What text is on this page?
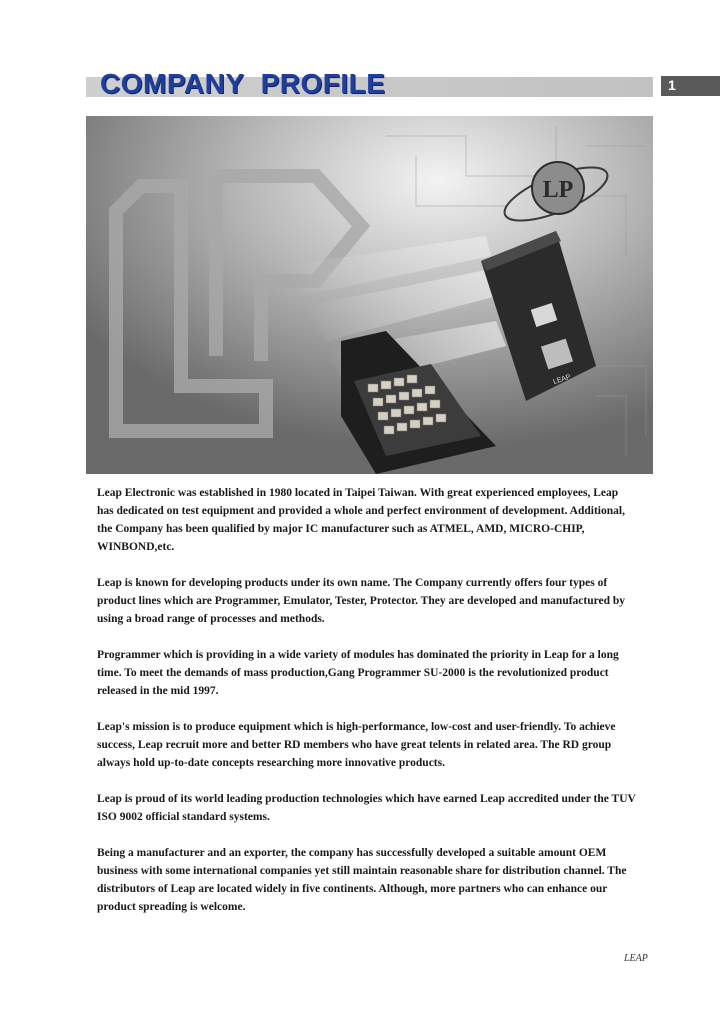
COMPANY  PROFILE	1
LP
LEAP

Leap Electronic was established in 1980 located in Taipei Taiwan. With great experienced employees, Leap has dedicated on test equipment and provided a whole and perfect environment of development. Additional, the Company has been qualified by major IC manufacturer such as ATMEL, AMD, MICRO-CHIP, WINBOND,etc.

Leap is known for developing products under its own name. The Company currently offers four types of product lines which are Programmer, Emulator, Tester, Protector. They are developed and manufactured by using a broad range of processes and methods.

Programmer which is providing in a wide variety of modules has dominated the priority in Leap for a long time. To meet the demands of mass production,Gang Programmer SU-2000 is the revolutionized product released in the mid 1997.

Leap's mission is to produce equipment which is high-performance, low-cost and user-friendly. To achieve success, Leap recruit more and better RD members who have great telents in related area. The RD group always hold up-to-date concepts researching more innovative products.

Leap is proud of its world leading production technologies which have earned Leap accredited under the TUV ISO 9002 official standard systems.

Being a manufacturer and an exporter, the company has successfully developed a suitable amount OEM business with some international companies yet still maintain reasonable share for distribution channel. The distributors of Leap are located widely in five continents. Although, more partners who can enhance our product spreading is welcome.

LEAP
